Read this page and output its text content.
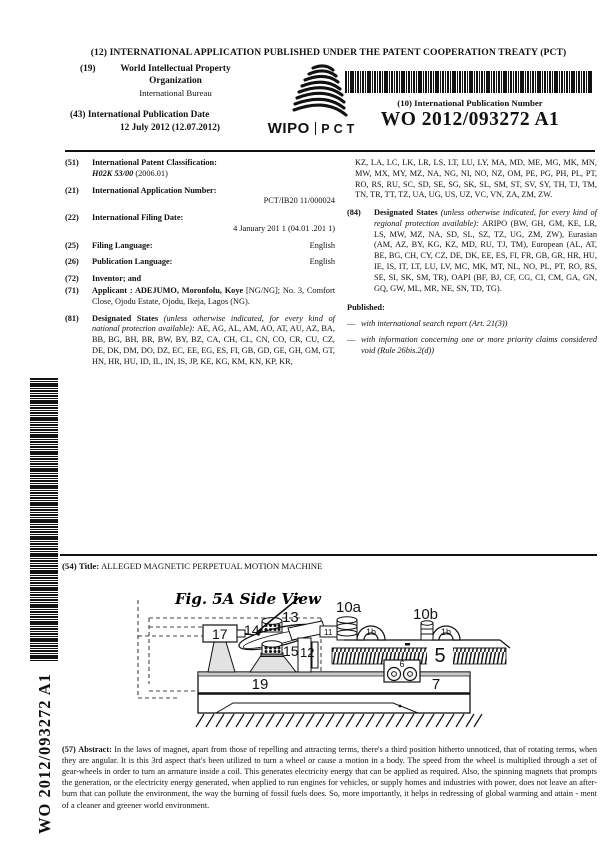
(12) INTERNATIONAL APPLICATION PUBLISHED UNDER THE PATENT COOPERATION TREATY (PCT)
(19)	World Intellectual Property Organization
International Bureau
(43) International Publication Date
12 July 2012 (12.07.2012)	WIPO PCT
(10) International Publication Number
WO 2012/093272 A1
(51)	International Patent Classification:
H02K 53/00 (2006.01)
(21)	International Application Number:
PCT/IB20 11/000024
(22)	International Filing Date:
4 January 201 1 (04.01 .201 1)
(25)	Filing Language:	English
(26)	Publication Language:	English
(72)	Inventor; and
(71)	Applicant : ADEJUMO, Moronfolu, Koye [NG/NG]; No. 3, Comfort Close, Ojodu Estate, Ojodu, Ikeja, Lagos (NG).
(81)	Designated States (unless otherwise indicated, for every kind of national protection available): AE, AG, AL, AM, AO, AT, AU, AZ, BA, BB, BG, BH, BR, BW, BY, BZ, CA, CH, CL, CN, CO, CR, CU, CZ, DE, DK, DM, DO, DZ, EC, EE, EG, ES, FI, GB, GD, GE, GH, GM, GT, HN, HR, HU, ID, IL, IN, IS, JP, KE, KG, KM, KN, KP, KR,
KZ, LA, LC, LK, LR, LS, LT, LU, LY, MA, MD, ME, MG, MK, MN, MW, MX, MY, MZ, NA, NG, NI, NO, NZ, OM, PE, PG, PH, PL, PT, RO, RS, RU, SC, SD, SE, SG, SK, SL, SM, ST, SV, SY, TH, TJ, TM, TN, TR, TT, TZ, UA, UG, US, UZ, VC, VN, ZA, ZM, ZW.
(84)	Designated States (unless otherwise indicated, for every kind of regional protection available): ARIPO (BW, GH, GM, KE, LR, LS, MW, MZ, NA, SD, SL, SZ, TZ, UG, ZM, ZW), Eurasian (AM, AZ, BY, KG, KZ, MD, RU, TJ, TM), European (AL, AT, BE, BG, CH, CY, CZ, DE, DK, EE, ES, FI, FR, GB, GR, HR, HU, IE, IS, IT, LT, LU, LV, MC, MK, MT, NL, NO, PL, PT, RO, RS, SE, SI, SK, SM, TR), OAPI (BF, BJ, CF, CG, CI, CM, GA, GN, GQ, GW, ML, MR, NE, SN, TD, TG).
Published:
— with international search report (Art. 21(3))
— with information concerning one or more priority claims considered void (Rule 26bis.2(d))
WO 2012/093272 A1
(54) Title: ALLEGED MAGNETIC PERPETUAL MOTION MACHINE
Fig. 5A Side View
17 14
13
15 12
11
10a
1b
10b
1b
5
6
19	7
(57) Abstract: In the laws of magnet, apart from those of repelling and attracting terms, there's a third position hitherto unnoticed, that of rotating terms, when they are angular. It is this 3rd aspect that's been utilized to turn a wheel or cause a motion in a body. The speed from the wheel is multiplied through a set of gear-wheels in order to turn an armature inside a coil. This generates electricity energy that can be applied as required. Also, the spinning magnets that prompts the generation, or the electricity energy generated, when applied to run engines for vehicles, or supply homes and industries with power, does not leave an after-burn that can pollute the environment, the way the burning of fossil fuels does. So, more importantly, it helps in redressing of global warming and attain - ment of a cleaner and greener world environment.
